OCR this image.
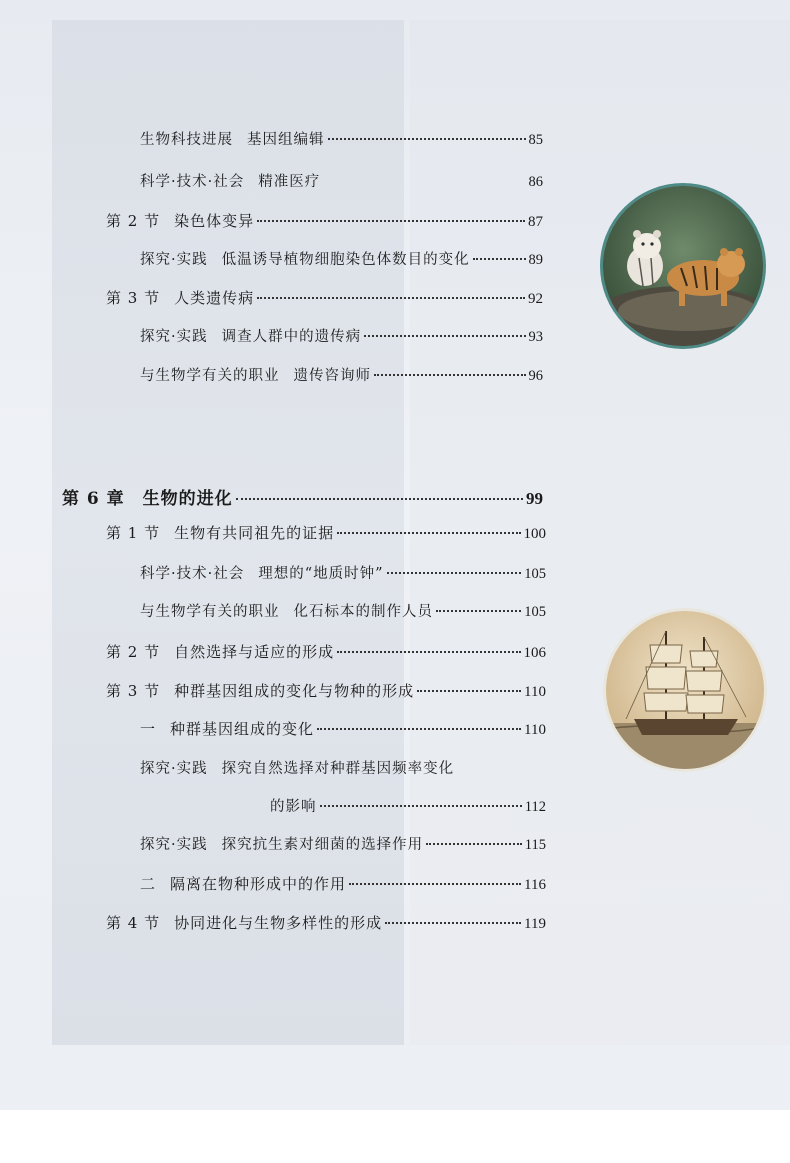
生物科技进展 基因组编辑	85
科学·技术·社会 精准医疗	86
第 2 节 染色体变异	87
探究·实践 低温诱导植物细胞染色体数目的变化	89
第 3 节 人类遗传病	92
探究·实践 调查人群中的遗传病	93
与生物学有关的职业 遗传咨询师	96
第 6 章 生物的进化	99
第 1 节 生物有共同祖先的证据	100
科学·技术·社会 理想的“地质时钟”	105
与生物学有关的职业 化石标本的制作人员	105
第 2 节 自然选择与适应的形成	106
第 3 节 种群基因组成的变化与物种的形成	110
一 种群基因组成的变化	110
探究·实践 探究自然选择对种群基因频率变化
的影响	112
探究·实践 探究抗生素对细菌的选择作用	115
二 隔离在物种形成中的作用	116
第 4 节 协同进化与生物多样性的形成	119
